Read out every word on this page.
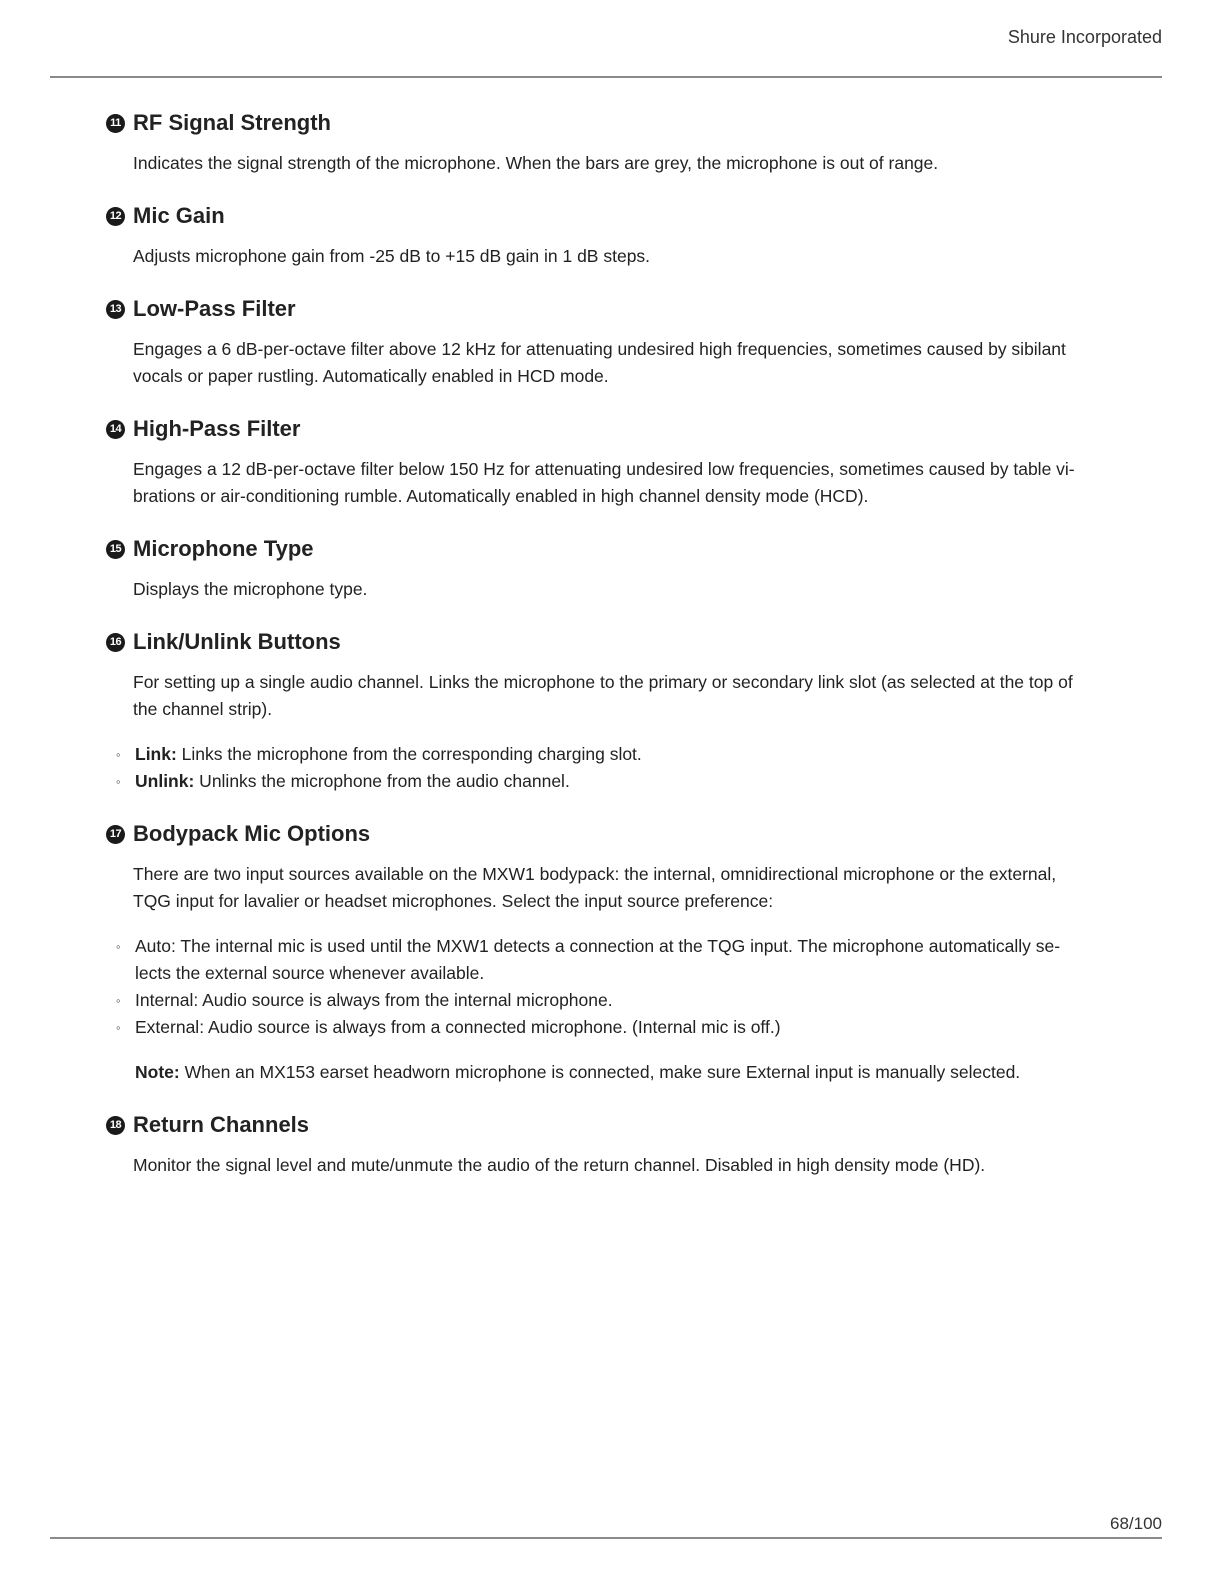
Shure Incorporated
11 RF Signal Strength

Indicates the signal strength of the microphone. When the bars are grey, the microphone is out of range.

12 Mic Gain

Adjusts microphone gain from -25 dB to +15 dB gain in 1 dB steps.

13 Low-Pass Filter

Engages a 6 dB-per-octave filter above 12 kHz for attenuating undesired high frequencies, sometimes caused by sibilant vocals or paper rustling. Automatically enabled in HCD mode.

14 High-Pass Filter

Engages a 12 dB-per-octave filter below 150 Hz for attenuating undesired low frequencies, sometimes caused by table vi-brations or air-conditioning rumble. Automatically enabled in high channel density mode (HCD).

15 Microphone Type

Displays the microphone type.

16 Link/Unlink Buttons

For setting up a single audio channel. Links the microphone to the primary or secondary link slot (as selected at the top of the channel strip).

◦ Link: Links the microphone from the corresponding charging slot.
◦ Unlink: Unlinks the microphone from the audio channel.
17 Bodypack Mic Options

There are two input sources available on the MXW1 bodypack: the internal, omnidirectional microphone or the external, TQG input for lavalier or headset microphones. Select the input source preference:

◦ Auto: The internal mic is used until the MXW1 detects a connection at the TQG input. The microphone automatically se-lects the external source whenever available.
◦ Internal: Audio source is always from the internal microphone.
◦ External: Audio source is always from a connected microphone. (Internal mic is off.)

Note: When an MX153 earset headworn microphone is connected, make sure External input is manually selected.

18 Return Channels

Monitor the signal level and mute/unmute the audio of the return channel. Disabled in high density mode (HD).

68/100
